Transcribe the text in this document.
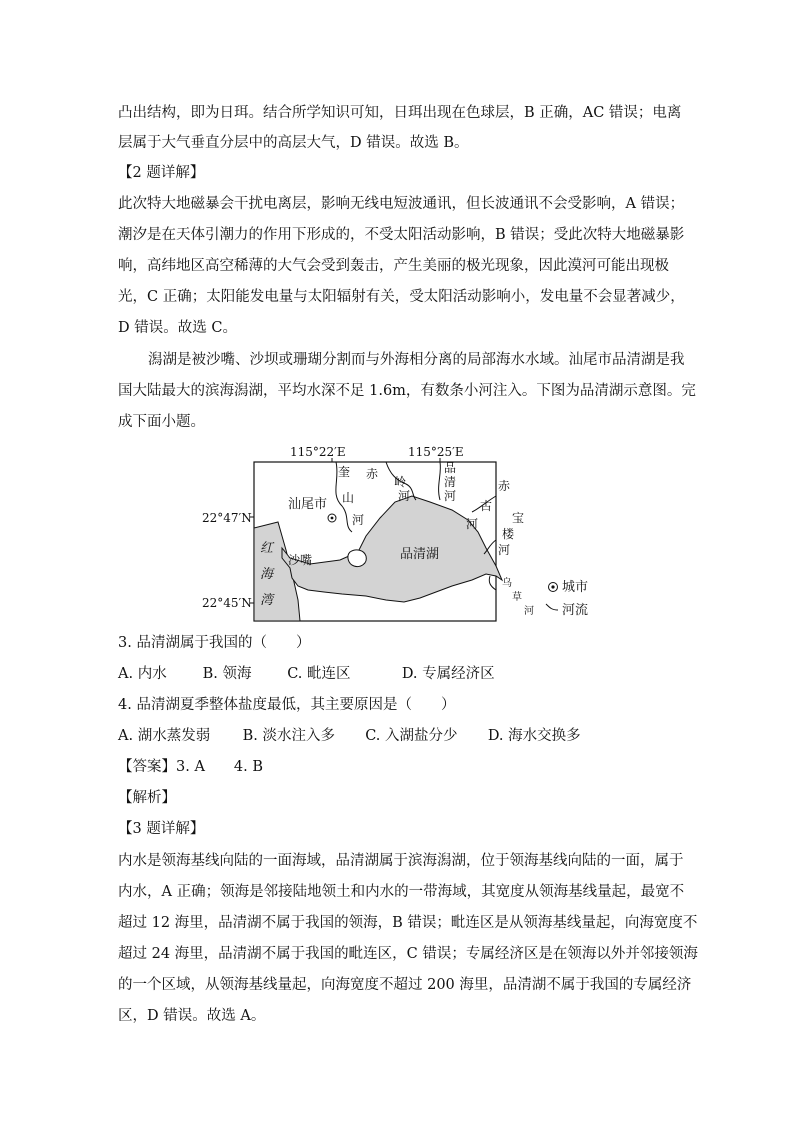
凸出结构，即为日珥。结合所学知识可知，日珥出现在色球层，B 正确，AC 错误；电离
层属于大气垂直分层中的高层大气，D 错误。故选 B。
【2 题详解】
此次特大地磁暴会干扰电离层，影响无线电短波通讯，但长波通讯不会受影响，A 错误；
潮汐是在天体引潮力的作用下形成的，不受太阳活动影响，B 错误；受此次特大地磁暴影
响，高纬地区高空稀薄的大气会受到轰击，产生美丽的极光现象，因此漠河可能出现极
光，C 正确；太阳能发电量与太阳辐射有关，受太阳活动影响小，发电量不会显著减少，
D 错误。故选 C。
潟湖是被沙嘴、沙坝或珊瑚分割而与外海相分离的局部海水水域。汕尾市品清湖是我
国大陆最大的滨海潟湖，平均水深不足 1.6m，有数条小河注入。下图为品清湖示意图。完
成下面小题。
115°22′E	115°25′E
22°47′N
22°45′N
汕尾市
品清湖
沙嘴
红
海
湾
奎
山
河
赤
岭
河
品
清
河
赤
古
河	宝
楼
河
乌
草
河
城市
河流
3. 品清湖属于我国的（　　）
A. 内水 B. 领海 C. 毗连区	D. 专属经济区
4. 品清湖夏季整体盐度最低，其主要原因是（　　）
A. 湖水蒸发弱 B. 淡水注入多 C. 入湖盐分少 D. 海水交换多
【答案】3. A　　4. B
【解析】
【3 题详解】
内水是领海基线向陆的一面海域，品清湖属于滨海潟湖，位于领海基线向陆的一面，属于
内水，A 正确；领海是邻接陆地领土和内水的一带海域，其宽度从领海基线量起，最宽不
超过 12 海里，品清湖不属于我国的领海，B 错误；毗连区是从领海基线量起，向海宽度不
超过 24 海里，品清湖不属于我国的毗连区，C 错误；专属经济区是在领海以外并邻接领海
的一个区域，从领海基线量起，向海宽度不超过 200 海里，品清湖不属于我国的专属经济
区，D 错误。故选 A。
